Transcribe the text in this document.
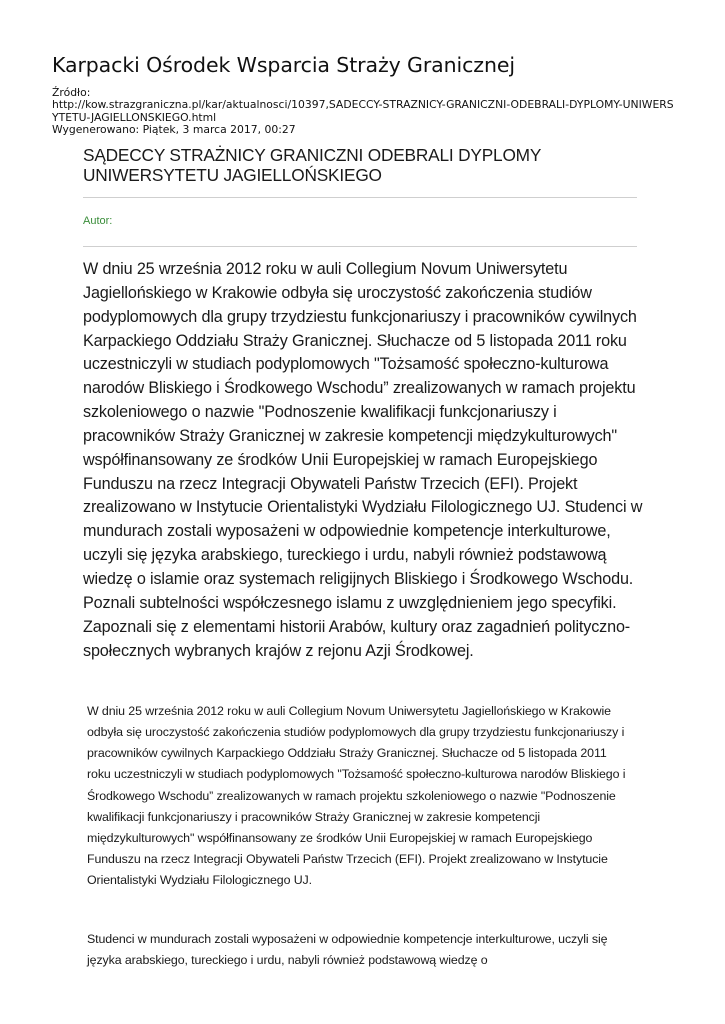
Karpacki Ośrodek Wsparcia Straży Granicznej
Źródło:
http://kow.strazgraniczna.pl/kar/aktualnosci/10397,SADECCY-STRAZNICY-GRANICZNI-ODEBRALI-DYPLOMY-UNIWERSYTETU-JAGIELLONSKIEGO.html
Wygenerowano: Piątek, 3 marca 2017, 00:27
SĄDECCY STRAŻNICY GRANICZNI ODEBRALI DYPLOMY UNIWERSYTETU JAGIELLOŃSKIEGO
Autor:

W dniu 25 września 2012 roku w auli Collegium Novum Uniwersytetu Jagiellońskiego w Krakowie odbyła się uroczystość zakończenia studiów podyplomowych dla grupy trzydziestu funkcjonariuszy i pracowników cywilnych Karpackiego Oddziału Straży Granicznej. Słuchacze od 5 listopada 2011 roku uczestniczyli w studiach podyplomowych "Tożsamość społeczno-kulturowa narodów Bliskiego i Środkowego Wschodu” zrealizowanych w ramach projektu szkoleniowego o nazwie "Podnoszenie kwalifikacji funkcjonariuszy i pracowników Straży Granicznej w zakresie kompetencji międzykulturowych" współfinansowany ze środków Unii Europejskiej w ramach Europejskiego Funduszu na rzecz Integracji Obywateli Państw Trzecich (EFI). Projekt zrealizowano w Instytucie Orientalistyki Wydziału Filologicznego UJ. Studenci w mundurach zostali wyposażeni w odpowiednie kompetencje interkulturowe, uczyli się języka arabskiego, tureckiego i urdu, nabyli również podstawową wiedzę o islamie oraz systemach religijnych Bliskiego i Środkowego Wschodu. Poznali subtelności współczesnego islamu z uwzględnieniem jego specyfiki. Zapoznali się z elementami historii Arabów, kultury oraz zagadnień polityczno-społecznych wybranych krajów z rejonu Azji Środkowej.

W dniu 25 września 2012 roku w auli Collegium Novum Uniwersytetu Jagiellońskiego w Krakowie odbyła się uroczystość zakończenia studiów podyplomowych dla grupy trzydziestu funkcjonariuszy i pracowników cywilnych Karpackiego Oddziału Straży Granicznej. Słuchacze od 5 listopada 2011 roku uczestniczyli w studiach podyplomowych "Tożsamość społeczno-kulturowa narodów Bliskiego i Środkowego Wschodu” zrealizowanych w ramach projektu szkoleniowego o nazwie "Podnoszenie kwalifikacji funkcjonariuszy i pracowników Straży Granicznej w zakresie kompetencji międzykulturowych" współfinansowany ze środków Unii Europejskiej w ramach Europejskiego Funduszu na rzecz Integracji Obywateli Państw Trzecich (EFI). Projekt zrealizowano w Instytucie Orientalistyki Wydziału Filologicznego UJ.

Studenci w mundurach zostali wyposażeni w odpowiednie kompetencje interkulturowe, uczyli się języka arabskiego, tureckiego i urdu, nabyli również podstawową wiedzę o
